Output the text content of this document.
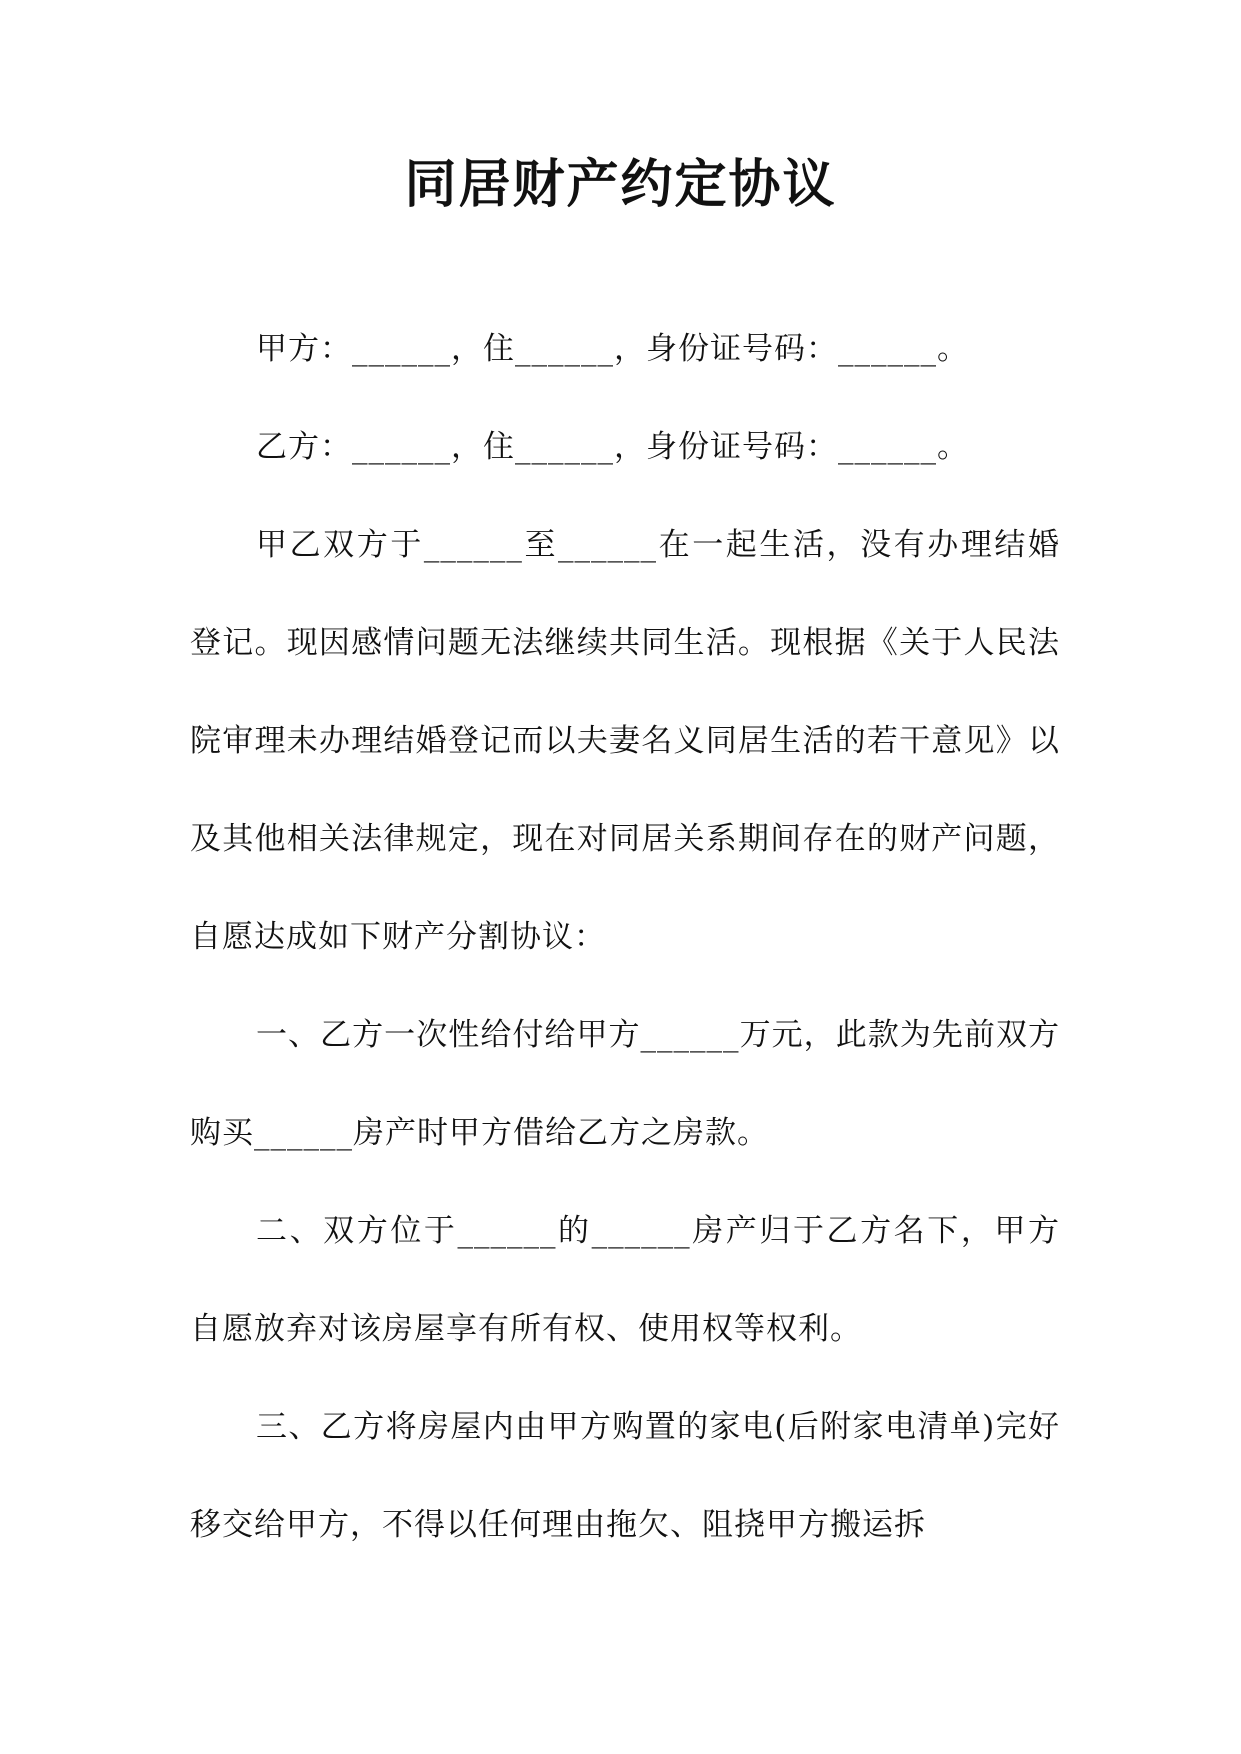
同居财产约定协议

甲方：______，住______，身份证号码：______。

乙方：______，住______，身份证号码：______。

甲乙双方于______至______在一起生活，没有办理结婚登记。现因感情问题无法继续共同生活。现根据《关于人民法院审理未办理结婚登记而以夫妻名义同居生活的若干意见》以及其他相关法律规定，现在对同居关系期间存在的财产问题，自愿达成如下财产分割协议：

一、乙方一次性给付给甲方______万元，此款为先前双方购买______房产时甲方借给乙方之房款。

二、双方位于______的______房产归于乙方名下，甲方自愿放弃对该房屋享有所有权、使用权等权利。

三、乙方将房屋内由甲方购置的家电(后附家电清单)完好移交给甲方，不得以任何理由拖欠、阻挠甲方搬运拆
